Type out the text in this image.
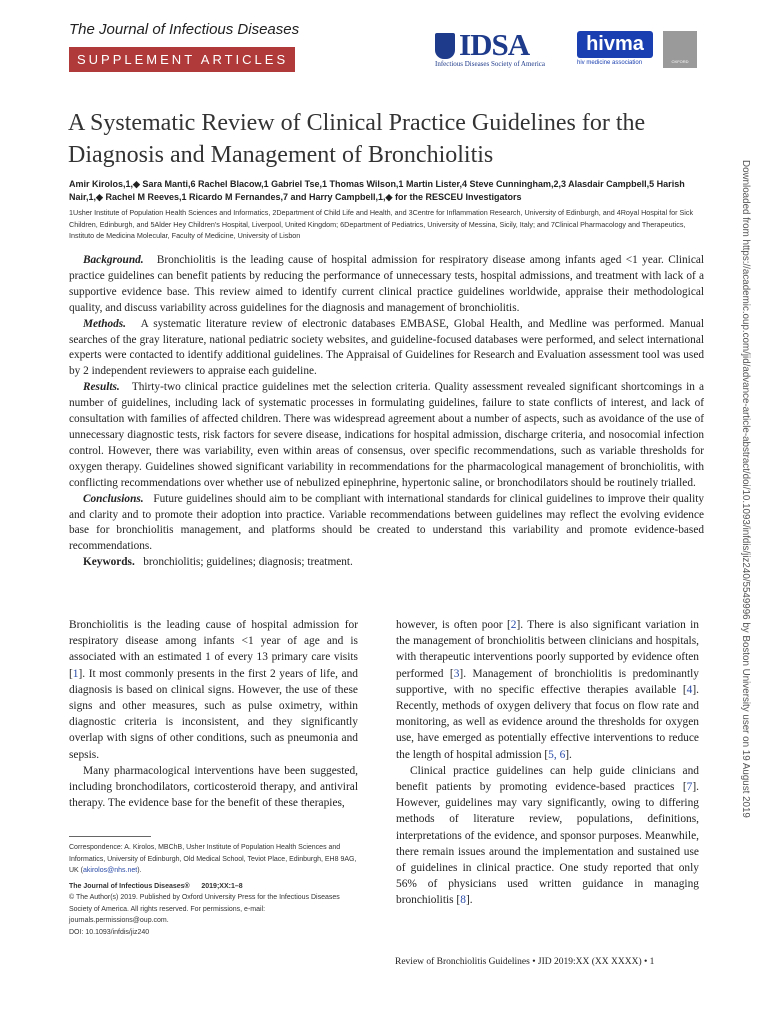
The Journal of Infectious Diseases
SUPPLEMENT ARTICLES	IDSA
Infectious Diseases Society of America
hivma
hiv medicine association	OXFORD
A Systematic Review of Clinical Practice Guidelines for the Diagnosis and Management of Bronchiolitis
Amir Kirolos,1,◆ Sara Manti,6 Rachel Blacow,1 Gabriel Tse,1 Thomas Wilson,1 Martin Lister,4 Steve Cunningham,2,3 Alasdair Campbell,5 Harish Nair,1,◆ Rachel M Reeves,1 Ricardo M Fernandes,7 and Harry Campbell,1,◆ for the RESCEU Investigators
1Usher Institute of Population Health Sciences and Informatics, 2Department of Child Life and Health, and 3Centre for Inflammation Research, University of Edinburgh, and 4Royal Hospital for Sick Children, Edinburgh, and 5Alder Hey Children’s Hospital, Liverpool, United Kingdom; 6Department of Pediatrics, University of Messina, Sicily, Italy; and 7Clinical Pharmacology and Therapeutics, Instituto de Medicina Molecular, Faculty of Medicine, University of Lisbon

Background. Bronchiolitis is the leading cause of hospital admission for respiratory disease among infants aged <1 year. Clinical practice guidelines can benefit patients by reducing the performance of unnecessary tests, hospital admissions, and treatment with lack of a supportive evidence base. This review aimed to identify current clinical practice guidelines worldwide, appraise their methodological quality, and discuss variability across guidelines for the diagnosis and management of bronchiolitis.

Methods. A systematic literature review of electronic databases EMBASE, Global Health, and Medline was performed. Manual searches of the gray literature, national pediatric society websites, and guideline-focused databases were performed, and select international experts were contacted to identify additional guidelines. The Appraisal of Guidelines for Research and Evaluation assessment tool was used by 2 independent reviewers to appraise each guideline.

Results. Thirty-two clinical practice guidelines met the selection criteria. Quality assessment revealed significant shortcomings in a number of guidelines, including lack of systematic processes in formulating guidelines, failure to state conflicts of interest, and lack of consultation with families of affected children. There was widespread agreement about a number of aspects, such as avoidance of the use of unnecessary diagnostic tests, risk factors for severe disease, indications for hospital admission, discharge criteria, and nosocomial infection control. However, there was variability, even within areas of consensus, over specific recommendations, such as variable thresholds for oxygen therapy. Guidelines showed significant variability in recommendations for the pharmacological management of bronchiolitis, with conflicting recommendations over whether use of nebulized epinephrine, hypertonic saline, or bronchodilators should be routinely trialled.

Conclusions. Future guidelines should aim to be compliant with international standards for clinical guidelines to improve their quality and clarity and to promote their adoption into practice. Variable recommendations between guidelines may reflect the evolving evidence base for bronchiolitis management, and platforms should be created to understand this variability and promote evidence-based recommendations.

Keywords. bronchiolitis; guidelines; diagnosis; treatment.

Bronchiolitis is the leading cause of hospital admission for respiratory disease among infants <1 year of age and is associated with an estimated 1 of every 13 primary care visits [1]. It most commonly presents in the first 2 years of life, and diagnosis is based on clinical signs. However, the use of these signs and other measures, such as pulse oximetry, within diagnostic criteria is inconsistent, and they significantly overlap with signs of other conditions, such as pneumonia and sepsis.

Many pharmacological interventions have been suggested, including bronchodilators, corticosteroid therapy, and antiviral therapy. The evidence base for the benefit of these therapies,

however, is often poor [2]. There is also significant variation in the management of bronchiolitis between clinicians and hospitals, with therapeutic interventions poorly supported by evidence often performed [3]. Management of bronchiolitis is predominantly supportive, with no specific effective therapies available [4]. Recently, methods of oxygen delivery that focus on flow rate and monitoring, as well as evidence around the thresholds for oxygen use, have emerged as potentially effective interventions to reduce the length of hospital admission [5, 6].

Clinical practice guidelines can help guide clinicians and benefit patients by promoting evidence-based practices [7]. However, guidelines may vary significantly, owing to differing methods of literature review, populations, definitions, interpretations of the evidence, and sponsor purposes. Meanwhile, there remain issues around the implementation and sustained use of guidelines in clinical practice. One study reported that only 56% of physicians used written guidance in managing bronchiolitis [8].

Correspondence: A. Kirolos, MBChB, Usher Institute of Population Health Sciences and Informatics, University of Edinburgh, Old Medical School, Teviot Place, Edinburgh, EH8 9AG, UK (akirolos@nhs.net).
The Journal of Infectious Diseases® 2019;XX:1–8
© The Author(s) 2019. Published by Oxford University Press for the Infectious Diseases Society of America. All rights reserved. For permissions, e-mail: journals.permissions@oup.com.
DOI: 10.1093/infdis/jiz240
Review of Bronchiolitis Guidelines • JID 2019:XX (XX XXXX) • 1
Downloaded from https://academic.oup.com/jid/advance-article-abstract/doi/10.1093/infdis/jiz240/5549996 by Boston University user on 19 August 2019
